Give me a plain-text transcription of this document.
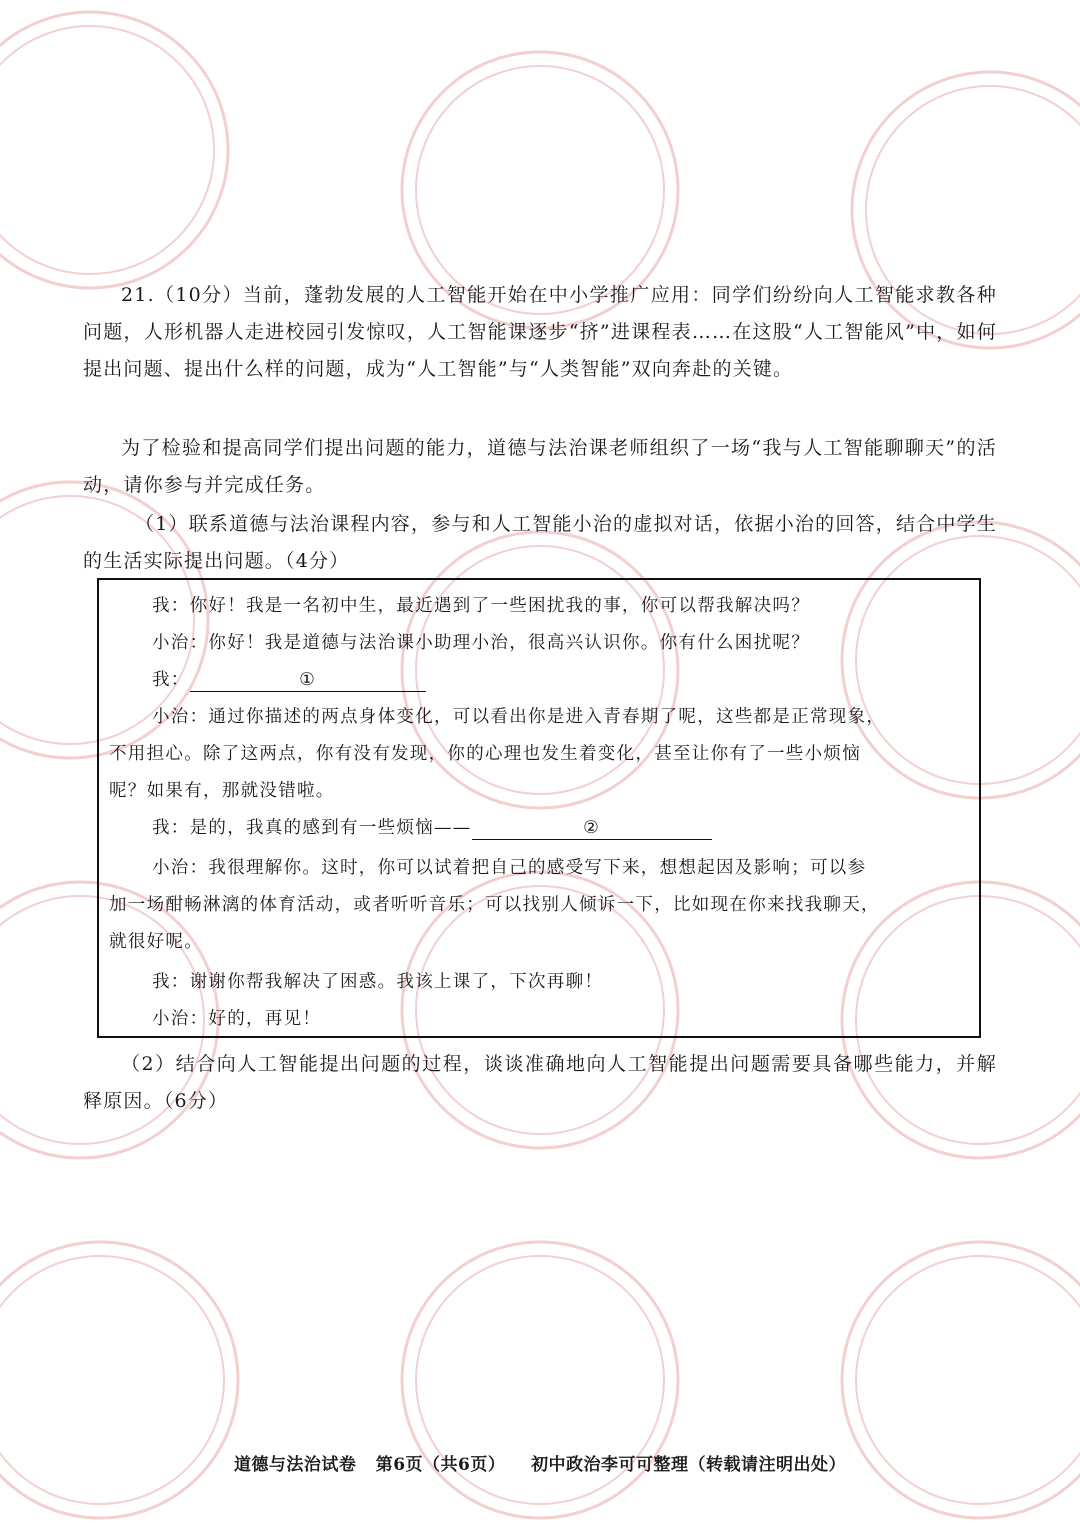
21.（10分）当前，蓬勃发展的人工智能开始在中小学推广应用：同学们纷纷向人工智能求教各种问题，人形机器人走进校园引发惊叹，人工智能课逐步“挤”进课程表……在这股“人工智能风”中，如何提出问题、提出什么样的问题，成为“人工智能”与“人类智能”双向奔赴的关键。

为了检验和提高同学们提出问题的能力，道德与法治课老师组织了一场“我与人工智能聊聊天”的活动，请你参与并完成任务。

（1）联系道德与法治课程内容，参与和人工智能小治的虚拟对话，依据小治的回答，结合中学生的生活实际提出问题。（4分）

我：你好！我是一名初中生，最近遇到了一些困扰我的事，你可以帮我解决吗？

小治：你好！我是道德与法治课小助理小治，很高兴认识你。你有什么困扰呢？

我：	①

小治：通过你描述的两点身体变化，可以看出你是进入青春期了呢，这些都是正常现象，

不用担心。除了这两点，你有没有发现，你的心理也发生着变化，甚至让你有了一些小烦恼

呢？如果有，那就没错啦。

我：是的，我真的感到有一些烦恼——	②

小治：我很理解你。这时，你可以试着把自己的感受写下来，想想起因及影响；可以参

加一场酣畅淋漓的体育活动，或者听听音乐；可以找别人倾诉一下，比如现在你来找我聊天，

就很好呢。

我：谢谢你帮我解决了困惑。我该上课了，下次再聊！

小治：好的，再见！

（2）结合向人工智能提出问题的过程，谈谈准确地向人工智能提出问题需要具备哪些能力，并解释原因。（6分）

道德与法治试卷 第6页（共6页） 初中政治李可可整理（转载请注明出处）
